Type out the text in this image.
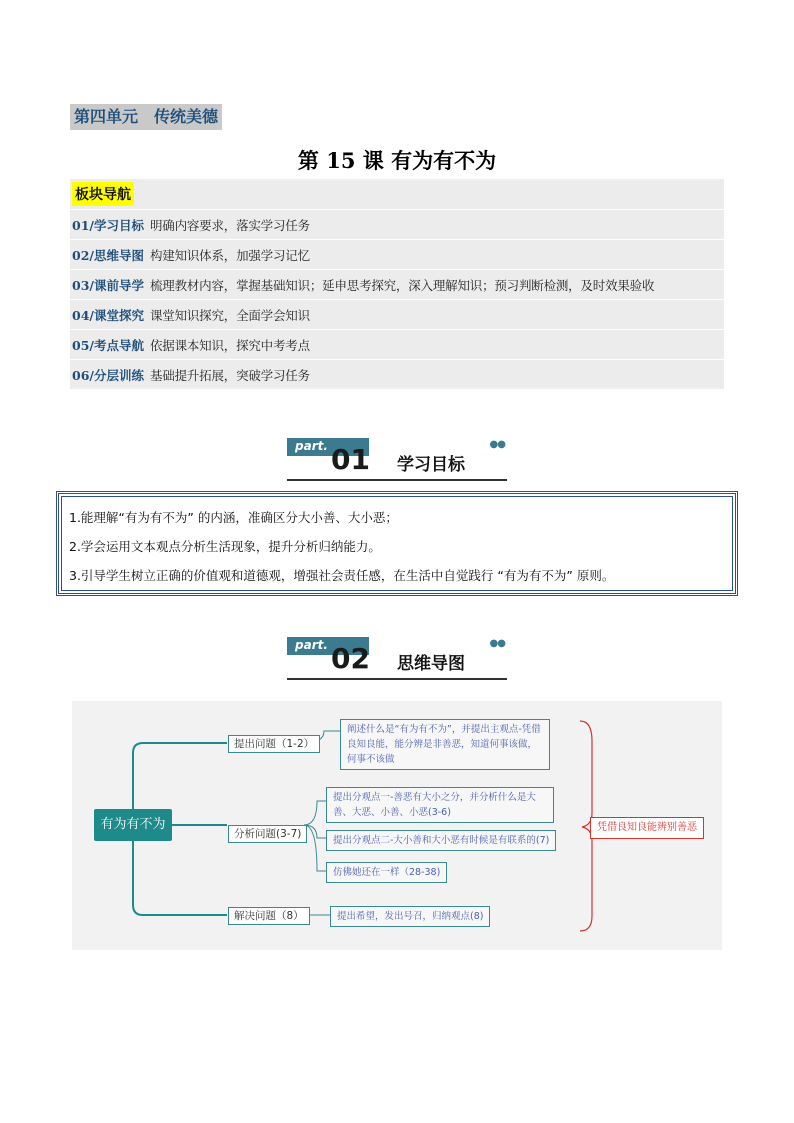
第四单元　传统美德
第 15 课 有为有不为
板块导航
01/学习目标 明确内容要求，落实学习任务
02/思维导图 构建知识体系，加强学习记忆
03/课前导学 梳理教材内容，掌握基础知识；延申思考探究，深入理解知识；预习判断检测，及时效果验收
04/课堂探究 课堂知识探究，全面学会知识
05/考点导航 依据课本知识，探究中考考点
06/分层训练 基础提升拓展，突破学习任务
part. 01 学习目标
●●
1.能理解“有为有不为” 的内涵，准确区分大小善、大小恶；
2.学会运用文本观点分析生活现象，提升分析归纳能力。
3.引导学生树立正确的价值观和道德观，增强社会责任感，在生活中自觉践行 “有为有不为” 原则。
part. 02 思维导图
●●
有为有不为
提出问题（1-2）
分析问题(3-7)
解决问题（8）
阐述什么是“有为有不为”，并提出主观点-凭借良知良能，能分辨是非善恶，知道何事该做，何事不该做
提出分观点一-善恶有大小之分，并分析什么是大善、大恶、小善、小恶(3-6)
提出分观点二-大小善和大小恶有时候是有联系的(7)
仿佛她还在一样（28-38)
提出希望，发出号召，归纳观点(8)
凭借良知良能辨别善恶
